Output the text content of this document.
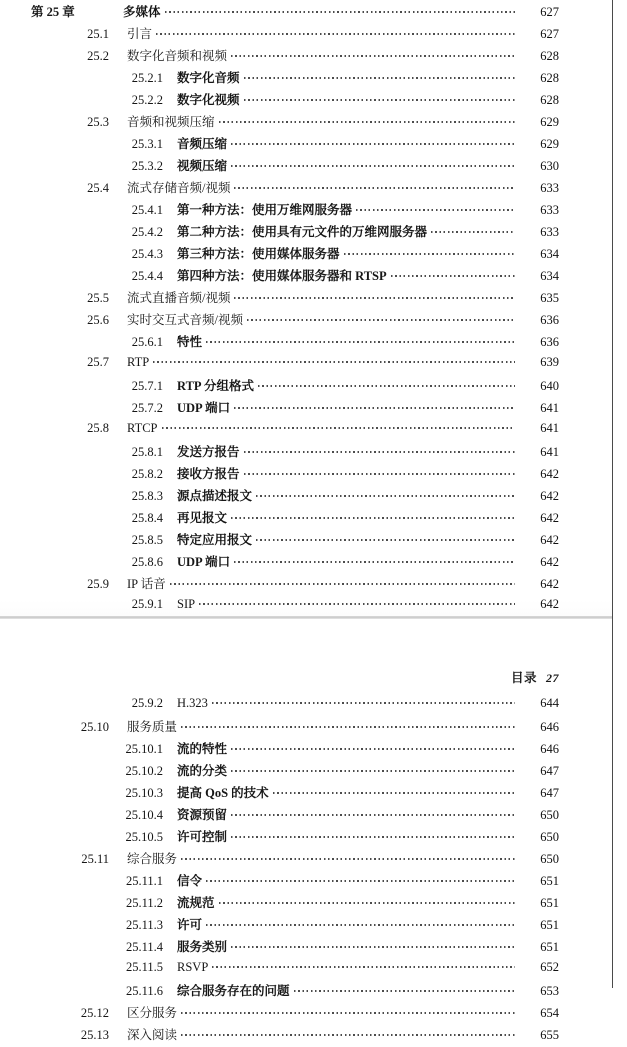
第 25 章	多媒体	627
25.1 引言	627
25.2 数字化音频和视频	628
25.2.1 数字化音频	628
25.2.2 数字化视频	628
25.3 音频和视频压缩	629
25.3.1 音频压缩	629
25.3.2 视频压缩	630
25.4 流式存储音频/视频	633
25.4.1 第一种方法：使用万维网服务器	633
25.4.2 第二种方法：使用具有元文件的万维网服务器	633
25.4.3 第三种方法：使用媒体服务器	634
25.4.4 第四种方法：使用媒体服务器和 RTSP	634
25.5 流式直播音频/视频	635
25.6 实时交互式音频/视频	636
25.6.1 特性	636
25.7 RTP	639
25.7.1 RTP 分组格式	640
25.7.2 UDP 端口	641
25.8 RTCP	641
25.8.1 发送方报告	641
25.8.2 接收方报告	642
25.8.3 源点描述报文	642
25.8.4 再见报文	642
25.8.5 特定应用报文	642
25.8.6 UDP 端口	642
25.9 IP 话音	642
25.9.1 SIP	642
目录 27
25.9.2 H.323	644
25.10 服务质量	646
25.10.1 流的特性	646
25.10.2 流的分类	647
25.10.3 提高 QoS 的技术	647
25.10.4 资源预留	650
25.10.5 许可控制	650
25.11 综合服务	650
25.11.1 信令	651
25.11.2 流规范	651
25.11.3 许可	651
25.11.4 服务类别	651
25.11.5 RSVP	652
25.11.6 综合服务存在的问题	653
25.12 区分服务	654
25.13 深入阅读	655
